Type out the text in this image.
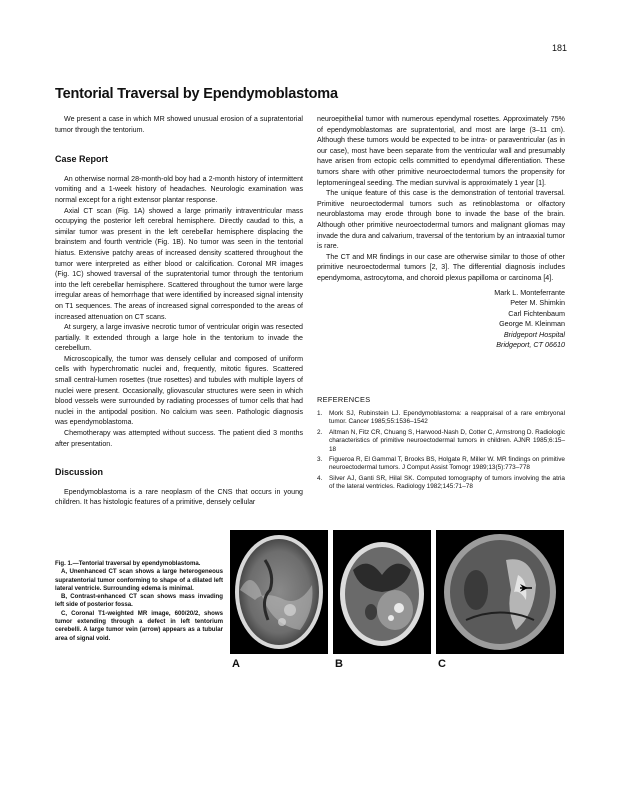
181
Tentorial Traversal by Ependymoblastoma

We present a case in which MR showed unusual erosion of a supratentorial tumor through the tentorium.

Case Report

An otherwise normal 28-month-old boy had a 2-month history of intermittent vomiting and a 1-week history of headaches. Neurologic examination was normal except for a right extensor plantar response.

Axial CT scan (Fig. 1A) showed a large primarily intraventricular mass occupying the posterior left cerebral hemisphere. Directly caudad to this, a similar tumor was present in the left cerebellar hemisphere displacing the brainstem and fourth ventricle (Fig. 1B). No tumor was seen in the tentorial hiatus. Extensive patchy areas of increased density scattered throughout the tumor were interpreted as either blood or calcification. Coronal MR images (Fig. 1C) showed traversal of the supratentorial tumor through the tentorium into the left cerebellar hemisphere. Scattered throughout the tumor were large irregular areas of hemorrhage that were identified by increased signal intensity on T1 sequences. The areas of increased signal corresponded to the areas of increased attenuation on CT scans.

At surgery, a large invasive necrotic tumor of ventricular origin was resected partially. It extended through a large hole in the tentorium to invade the cerebellum.

Microscopically, the tumor was densely cellular and composed of uniform cells with hyperchromatic nuclei and, frequently, mitotic figures. Scattered small central-lumen rosettes (true rosettes) and tubules with multiple layers of nuclei were present. Occasionally, gliovascular structures were seen in which blood vessels were surrounded by radiating processes of tumor cells that had nuclei in the antipodal position. No calcium was seen. Pathologic diagnosis was ependymoblastoma.

Chemotherapy was attempted without success. The patient died 3 months after presentation.

Discussion

Ependymoblastoma is a rare neoplasm of the CNS that occurs in young children. It has histologic features of a primitive, densely cellular

neuroepithelial tumor with numerous ependymal rosettes. Approximately 75% of ependymoblastomas are supratentorial, and most are large (3–11 cm). Although these tumors would be expected to be intra- or paraventricular (as in our case), most have been separate from the ventricular wall and presumably have arisen from ectopic cells committed to ependymal differentiation. These tumors share with other primitive neuroectodermal tumors the propensity for leptomeningeal seeding. The median survival is approximately 1 year [1].

The unique feature of this case is the demonstration of tentorial traversal. Primitive neuroectodermal tumors such as retinoblastoma or olfactory neuroblastoma may erode through bone to invade the base of the brain. Although other primitive neuroectodermal tumors and malignant gliomas may invade the dura and calvarium, traversal of the tentorium by an intraaxial tumor is rare.

The CT and MR findings in our case are otherwise similar to those of other primitive neuroectodermal tumors [2, 3]. The differential diagnosis includes ependymoma, astrocytoma, and choroid plexus papilloma or carcinoma [4].

Mark L. Monteferrante
Peter M. Shimkin
Carl Fichtenbaum
George M. Kleinman
Bridgeport Hospital
Bridgeport, CT 06610
REFERENCES
1. Mork SJ, Rubinstein LJ. Ependymoblastoma: a reappraisal of a rare embryonal tumor. Cancer 1985;55:1536–1542
2. Altman N, Fitz CR, Chuang S, Harwood-Nash D, Cotter C, Armstrong D. Radiologic characteristics of primitive neuroectodermal tumors in children. AJNR 1985;6:15–18
3. Figueroa R, El Gammal T, Brooks BS, Holgate R, Miller W. MR findings on primitive neuroectodermal tumors. J Comput Assist Tomogr 1989;13(5):773–778
4. Silver AJ, Ganti SR, Hilal SK. Computed tomography of tumors involving the atria of the lateral ventricles. Radiology 1982;145:71–78

Fig. 1.—Tentorial traversal by ependymoblastoma.

A, Unenhanced CT scan shows a large heterogeneous supratentorial tumor conforming to shape of a dilated left lateral ventricle. Surrounding edema is minimal.

B, Contrast-enhanced CT scan shows mass invading left side of posterior fossa.

C, Coronal T1-weighted MR image, 600/20/2, shows tumor extending through a defect in left tentorium cerebelli. A large tumor vein (arrow) appears as a tubular area of signal void.

A	B	C
